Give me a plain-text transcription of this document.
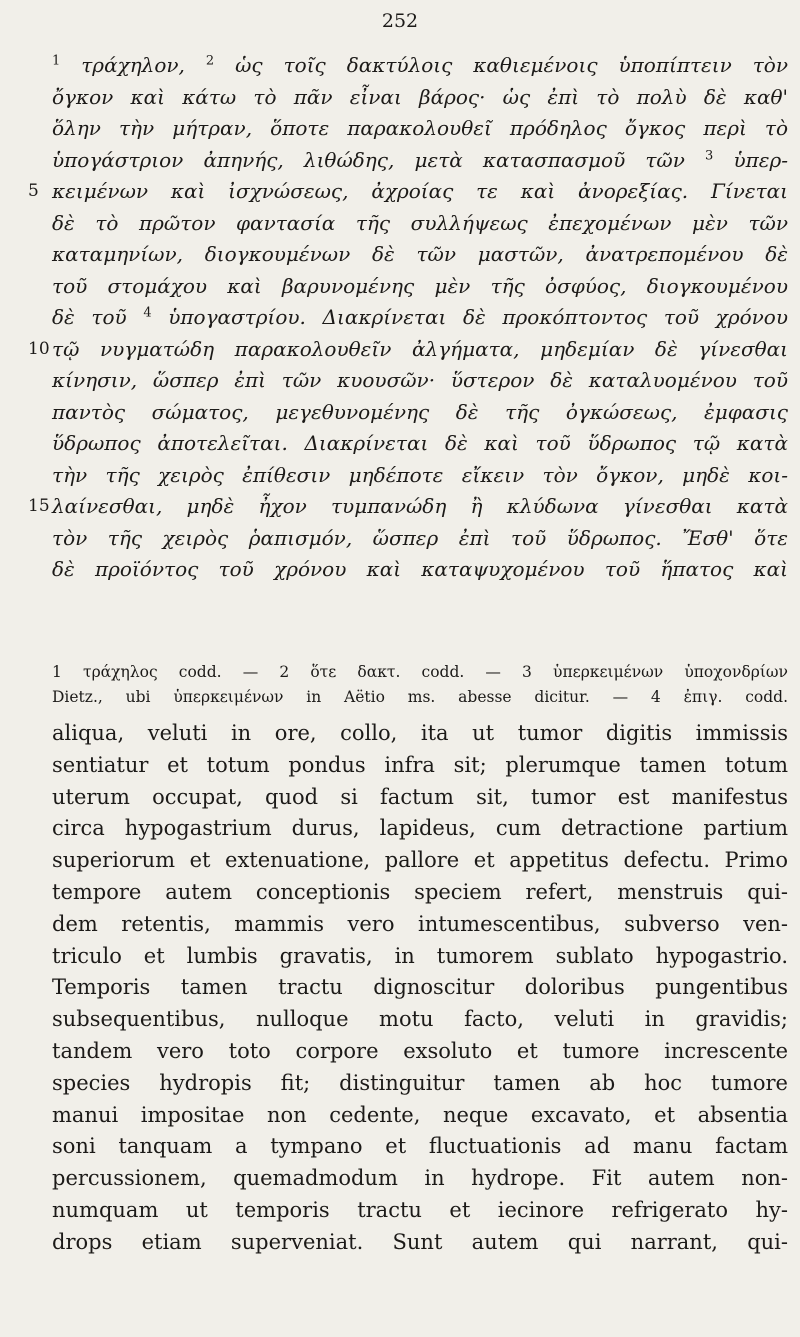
252
$^1$ τράχηλον, $^2$ ὡς τοῖς δακτύλοις καθιεμένοις ὑποπίπτειν τὸν
ὄγκον καὶ κάτω τὸ πᾶν εἶναι βάρος· ὡς ἐπὶ τὸ πολὺ δὲ καθ'
ὅλην τὴν μήτραν, ὅποτε παρακολουθεῖ πρόδηλος ὄγκος περὶ τὸ
ὑπογάστριον ἀπηνής, λιθώδης, μετὰ κατασπασμοῦ τῶν $^3$ ὑπερ-
5 κειμένων καὶ ἰσχνώσεως, ἀχροίας τε καὶ ἀνορεξίας. Γίνεται
δὲ τὸ πρῶτον φαντασία τῆς συλλήψεως ἐπεχομένων μὲν τῶν
καταμηνίων, διογκουμένων δὲ τῶν μαστῶν, ἀνατρεπομένου δὲ
τοῦ στομάχου καὶ βαρυνομένης μὲν τῆς ὀσφύος, διογκουμένου
δὲ τοῦ $^4$ ὑπογαστρίου. Διακρίνεται δὲ προκόπτοντος τοῦ χρόνου
10 τῷ νυγματώδη παρακολουθεῖν ἀλγήματα, μηδεμίαν δὲ γίνεσθαι
κίνησιν, ὥσπερ ἐπὶ τῶν κυουσῶν· ὕστερον δὲ καταλυομένου τοῦ
παντὸς σώματος, μεγεθυνομένης δὲ τῆς ὀγκώσεως, ἐμφασις
ὕδρωπος ἀποτελεῖται. Διακρίνεται δὲ καὶ τοῦ ὕδρωπος τῷ κατὰ
τὴν τῆς χειρὸς ἐπίθεσιν μηδέποτε εἴκειν τὸν ὄγκον, μηδὲ κοι-
15 λαίνεσθαι, μηδὲ ἦχον τυμπανώδη ἢ κλύδωνα γίνεσθαι κατὰ
τὸν τῆς χειρὸς ῥαπισμόν, ὥσπερ ἐπὶ τοῦ ὕδρωπος. Ἔσθ' ὅτε
δὲ προϊόντος τοῦ χρόνου καὶ καταψυχομένου τοῦ ἥπατος καὶ
1 τράχηλος codd. — 2 ὅτε δακτ. codd. — 3 ὑπερκειμένων ὑποχονδρίων
Dietz., ubi ὑπερκειμένων in Aëtio ms. abesse dicitur. — 4 ἐπιγ. codd.
aliqua, veluti in ore, collo, ita ut tumor digitis immissis
sentiatur et totum pondus infra sit; plerumque tamen totum
uterum occupat, quod si factum sit, tumor est manifestus
circa hypogastrium durus, lapideus, cum detractione partium
superiorum et extenuatione, pallore et appetitus defectu. Primo
tempore autem conceptionis speciem refert, menstruis qui-
dem retentis, mammis vero intumescentibus, subverso ven-
triculo et lumbis gravatis, in tumorem sublato hypogastrio.
Temporis tamen tractu dignoscitur doloribus pungentibus
subsequentibus, nulloque motu facto, veluti in gravidis;
tandem vero toto corpore exsoluto et tumore increscente
species hydropis fit; distinguitur tamen ab hoc tumore
manui impositae non cedente, neque excavato, et absentia
soni tanquam a tympano et fluctuationis ad manu factam
percussionem, quemadmodum in hydrope. Fit autem non-
numquam ut temporis tractu et iecinore refrigerato hy-
drops etiam superveniat. Sunt autem qui narrant, qui-
